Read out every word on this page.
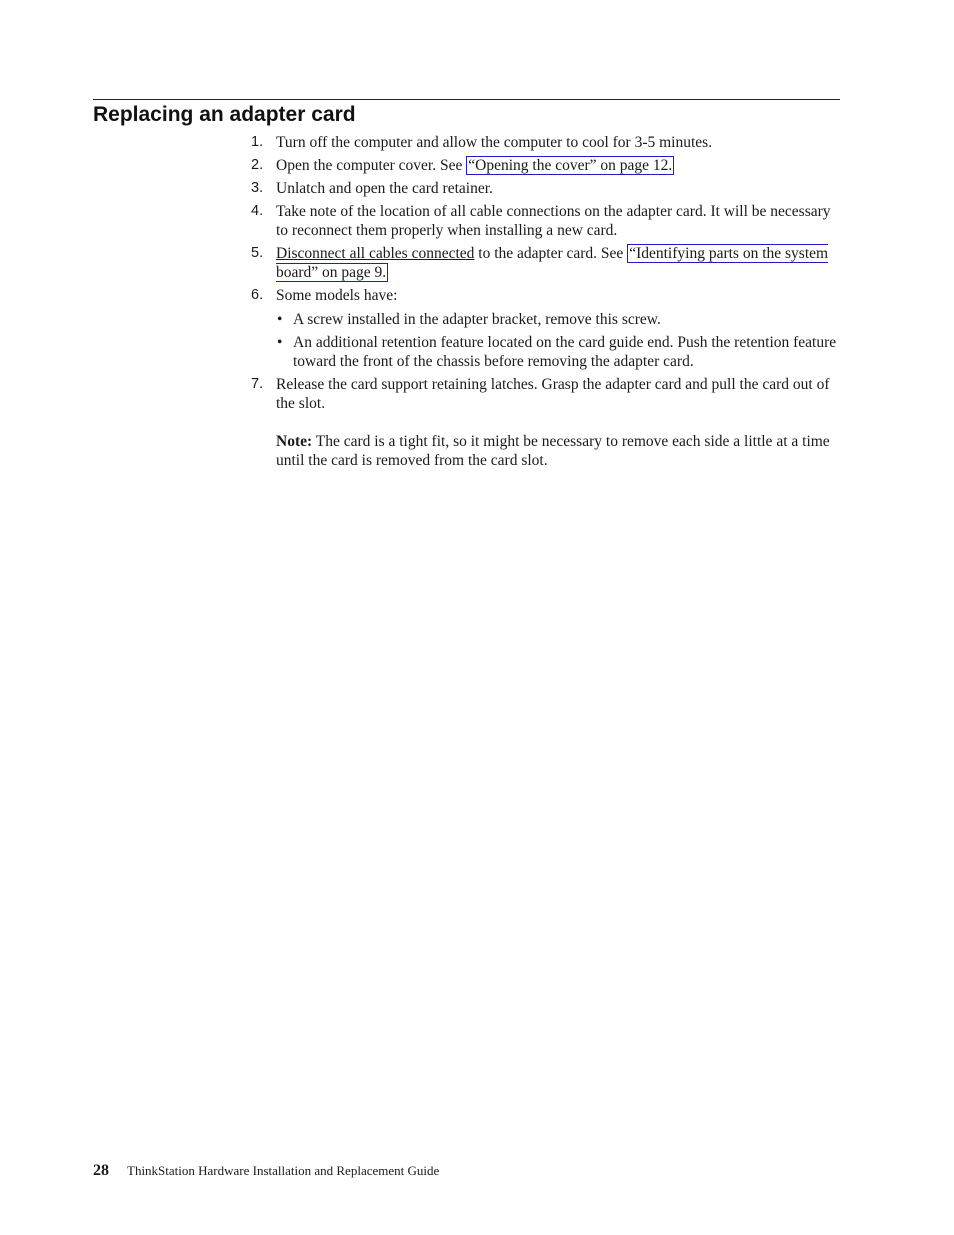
Replacing an adapter card
1. Turn off the computer and allow the computer to cool for 3-5 minutes.
2. Open the computer cover. See “Opening the cover” on page 12.
3. Unlatch and open the card retainer.
4. Take note of the location of all cable connections on the adapter card. It will be necessary to reconnect them properly when installing a new card.
5. Disconnect all cables connected to the adapter card. See “Identifying parts on the system board” on page 9.
6. Some models have:
• A screw installed in the adapter bracket, remove this screw.
• An additional retention feature located on the card guide end. Push the retention feature toward the front of the chassis before removing the adapter card.
7. Release the card support retaining latches. Grasp the adapter card and pull the card out of the slot.
Note: The card is a tight fit, so it might be necessary to remove each side a little at a time until the card is removed from the card slot.
28 ThinkStation Hardware Installation and Replacement Guide
